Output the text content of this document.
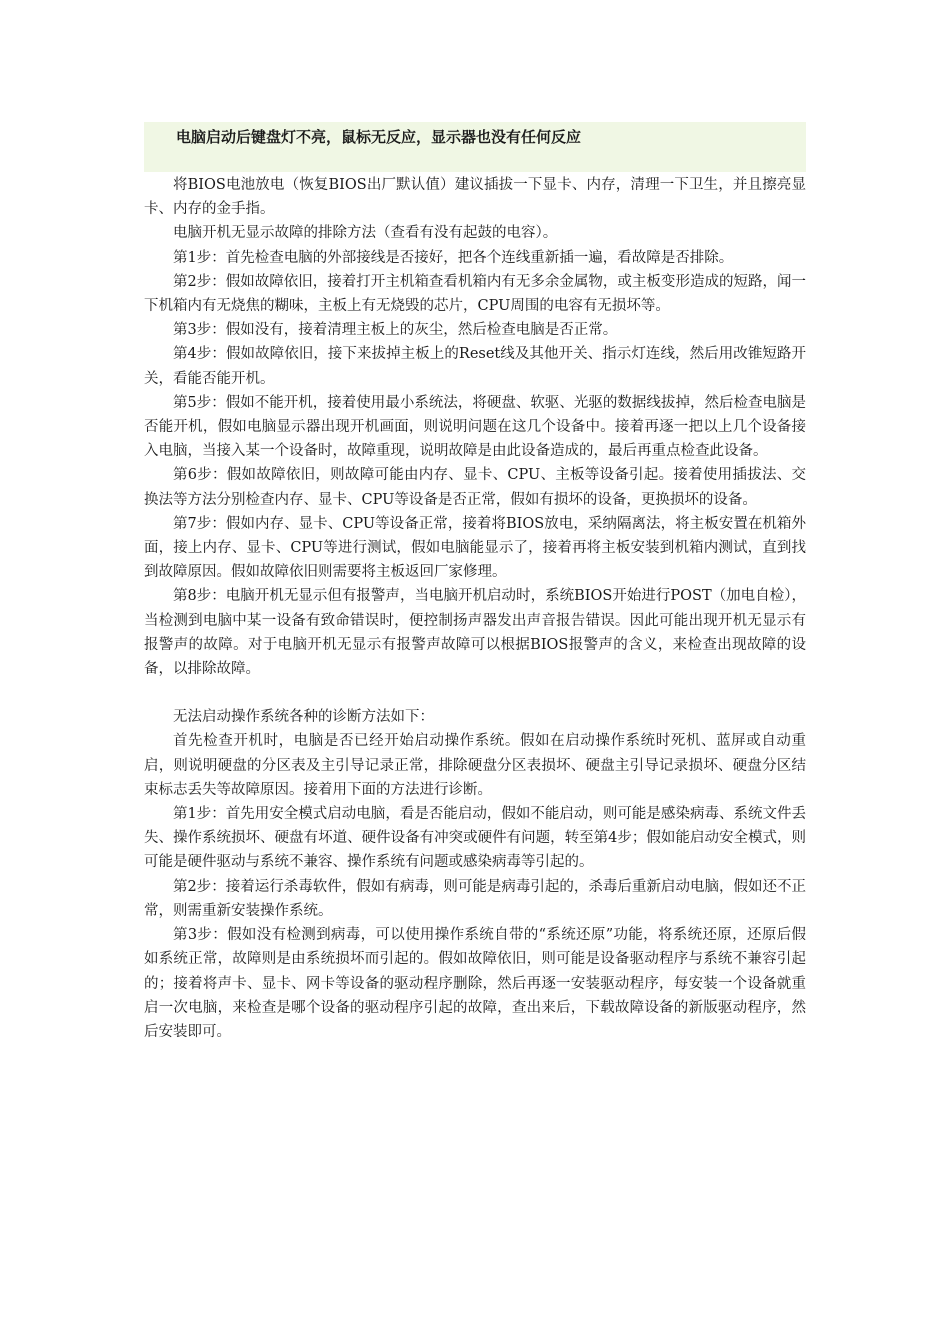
电脑启动后键盘灯不亮，鼠标无反应，显示器也没有任何反应

将BIOS电池放电（恢复BIOS出厂默认值）建议插拔一下显卡、内存，清理一下卫生，并且擦亮显卡、内存的金手指。

电脑开机无显示故障的排除方法（查看有没有起鼓的电容）。

第1步：首先检查电脑的外部接线是否接好，把各个连线重新插一遍，看故障是否排除。

第2步：假如故障依旧，接着打开主机箱查看机箱内有无多余金属物，或主板变形造成的短路，闻一下机箱内有无烧焦的糊味，主板上有无烧毁的芯片，CPU周围的电容有无损坏等。

第3步：假如没有，接着清理主板上的灰尘，然后检查电脑是否正常。

第4步：假如故障依旧，接下来拔掉主板上的Reset线及其他开关、指示灯连线，然后用改锥短路开关，看能否能开机。

第5步：假如不能开机，接着使用最小系统法，将硬盘、软驱、光驱的数据线拔掉，然后检查电脑是否能开机，假如电脑显示器出现开机画面，则说明问题在这几个设备中。接着再逐一把以上几个设备接入电脑，当接入某一个设备时，故障重现，说明故障是由此设备造成的，最后再重点检查此设备。

第6步：假如故障依旧，则故障可能由内存、显卡、CPU、主板等设备引起。接着使用插拔法、交换法等方法分别检查内存、显卡、CPU等设备是否正常，假如有损坏的设备，更换损坏的设备。

第7步：假如内存、显卡、CPU等设备正常，接着将BIOS放电，采纳隔离法，将主板安置在机箱外面，接上内存、显卡、CPU等进行测试，假如电脑能显示了，接着再将主板安装到机箱内测试，直到找到故障原因。假如故障依旧则需要将主板返回厂家修理。

第8步：电脑开机无显示但有报警声，当电脑开机启动时，系统BIOS开始进行POST（加电自检），当检测到电脑中某一设备有致命错误时，便控制扬声器发出声音报告错误。因此可能出现开机无显示有报警声的故障。对于电脑开机无显示有报警声故障可以根据BIOS报警声的含义，来检查出现故障的设备，以排除故障。

无法启动操作系统各种的诊断方法如下：

首先检查开机时，电脑是否已经开始启动操作系统。假如在启动操作系统时死机、蓝屏或自动重启，则说明硬盘的分区表及主引导记录正常，排除硬盘分区表损坏、硬盘主引导记录损坏、硬盘分区结束标志丢失等故障原因。接着用下面的方法进行诊断。

第1步：首先用安全模式启动电脑，看是否能启动，假如不能启动，则可能是感染病毒、系统文件丢失、操作系统损坏、硬盘有坏道、硬件设备有冲突或硬件有问题，转至第4步；假如能启动安全模式，则可能是硬件驱动与系统不兼容、操作系统有问题或感染病毒等引起的。

第2步：接着运行杀毒软件，假如有病毒，则可能是病毒引起的，杀毒后重新启动电脑，假如还不正常，则需重新安装操作系统。

第3步：假如没有检测到病毒，可以使用操作系统自带的“系统还原”功能，将系统还原，还原后假如系统正常，故障则是由系统损坏而引起的。假如故障依旧，则可能是设备驱动程序与系统不兼容引起的；接着将声卡、显卡、网卡等设备的驱动程序删除，然后再逐一安装驱动程序，每安装一个设备就重启一次电脑，来检查是哪个设备的驱动程序引起的故障，查出来后，下载故障设备的新版驱动程序，然后安装即可。
